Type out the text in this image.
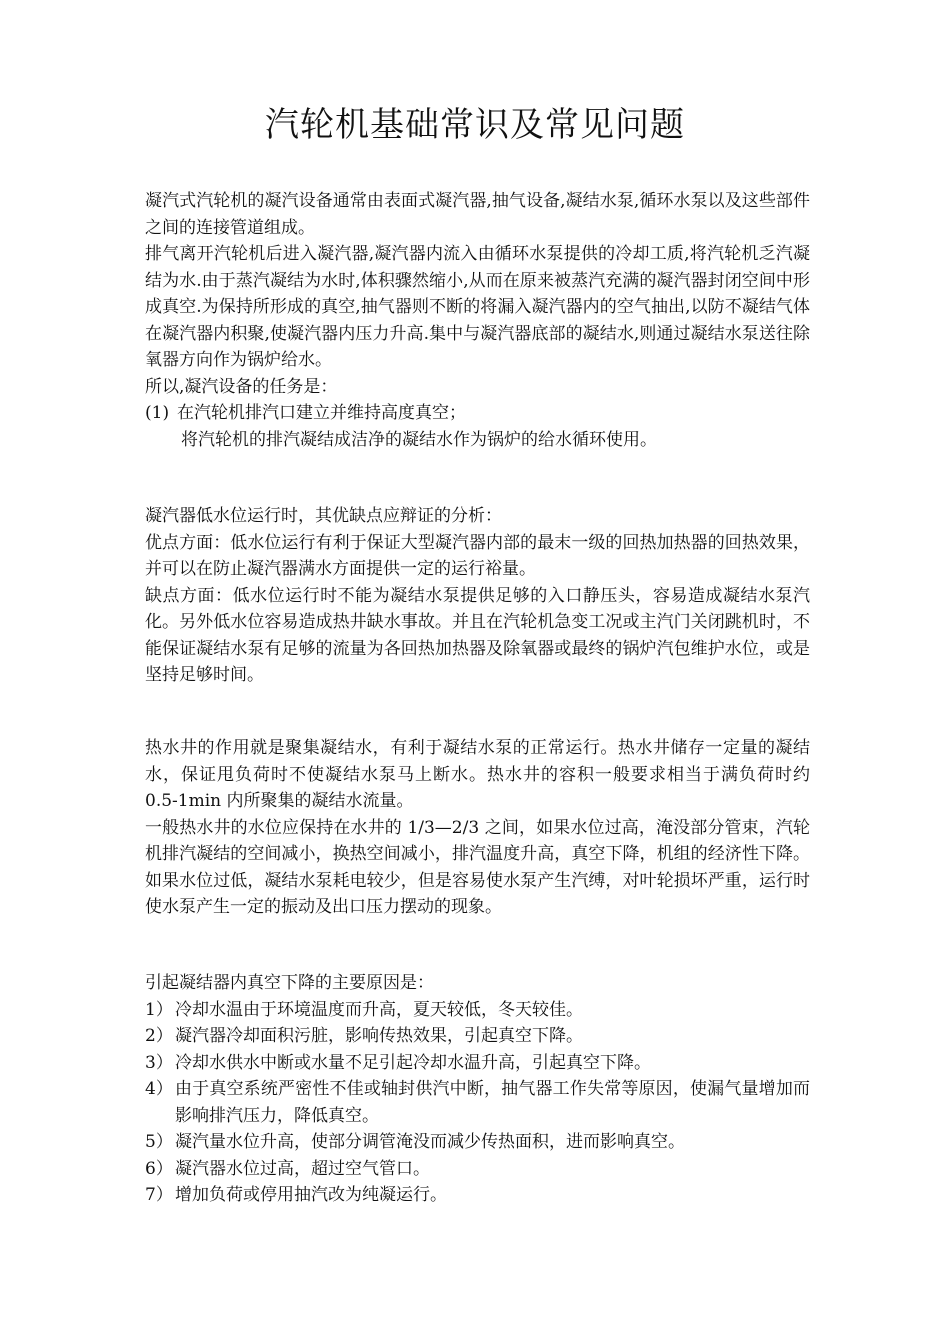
汽轮机基础常识及常见问题

凝汽式汽轮机的凝汽设备通常由表面式凝汽器,抽气设备,凝结水泵,循环水泵以及这些部件之间的连接管道组成。

排气离开汽轮机后进入凝汽器,凝汽器内流入由循环水泵提供的冷却工质,将汽轮机乏汽凝结为水.由于蒸汽凝结为水时,体积骤然缩小,从而在原来被蒸汽充满的凝汽器封闭空间中形成真空.为保持所形成的真空,抽气器则不断的将漏入凝汽器内的空气抽出,以防不凝结气体在凝汽器内积聚,使凝汽器内压力升高.集中与凝汽器底部的凝结水,则通过凝结水泵送往除氧器方向作为锅炉给水。

所以,凝汽设备的任务是：

(1) 在汽轮机排汽口建立并维持高度真空；

将汽轮机的排汽凝结成洁净的凝结水作为锅炉的给水循环使用。

凝汽器低水位运行时，其优缺点应辩证的分析：

优点方面：低水位运行有利于保证大型凝汽器内部的最末一级的回热加热器的回热效果，并可以在防止凝汽器满水方面提供一定的运行裕量。

缺点方面：低水位运行时不能为凝结水泵提供足够的入口静压头，容易造成凝结水泵汽化。另外低水位容易造成热井缺水事故。并且在汽轮机急变工况或主汽门关闭跳机时，不能保证凝结水泵有足够的流量为各回热加热器及除氧器或最终的锅炉汽包维护水位，或是坚持足够时间。

热水井的作用就是聚集凝结水，有利于凝结水泵的正常运行。热水井储存一定量的凝结水，保证甩负荷时不使凝结水泵马上断水。热水井的容积一般要求相当于满负荷时约 0.5-1min 内所聚集的凝结水流量。

一般热水井的水位应保持在水井的 1/3—2/3 之间，如果水位过高，淹没部分管束，汽轮机排汽凝结的空间减小，换热空间减小，排汽温度升高，真空下降，机组的经济性下降。如果水位过低，凝结水泵耗电较少，但是容易使水泵产生汽缚，对叶轮损坏严重，运行时使水泵产生一定的振动及出口压力摆动的现象。

引起凝结器内真空下降的主要原因是：

1） 冷却水温由于环境温度而升高，夏天较低，冬天较佳。
2） 凝汽器冷却面积污脏，影响传热效果，引起真空下降。
3） 冷却水供水中断或水量不足引起冷却水温升高，引起真空下降。
4） 由于真空系统严密性不佳或轴封供汽中断，抽气器工作失常等原因，使漏气量增加而影响排汽压力，降低真空。
5） 凝汽量水位升高，使部分调管淹没而减少传热面积，进而影响真空。
6） 凝汽器水位过高，超过空气管口。
7） 增加负荷或停用抽汽改为纯凝运行。
